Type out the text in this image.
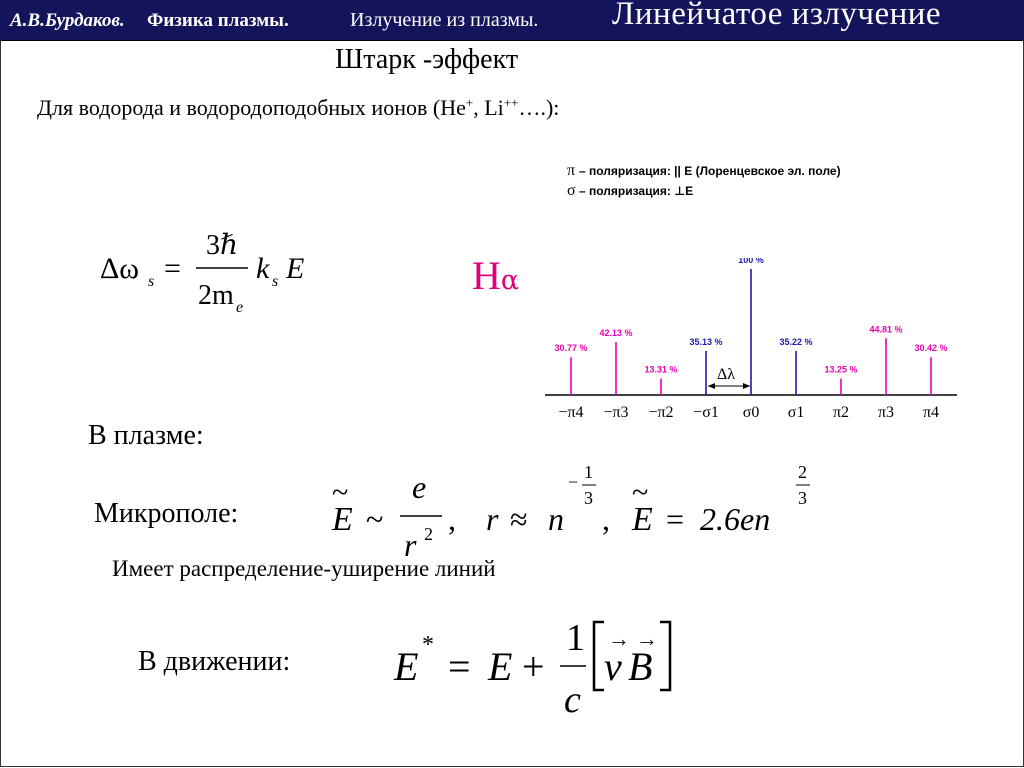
А.В.Бурдаков. Физика плазмы.	Излучение из плазмы. Линейчатое излучение
Штарк -эффект
Для водорода и водородоподобных ионов (He+, Li++….):
Δω s =
3ℏ
2m e
k s E	Hα
π – поляризация: || E (Лоренцевское эл. поле)
σ – поляризация: ⊥E
30.77 %
−π4
42.13 %
−π3
13.31 %
−π2
35.13 %
−σ1
100 %
σ0
35.22 %
σ1
13.25 %
π2
44.81 %
π3
30.42 %
π4
Δλ
В плазме:
Микрополе:	E
~
~
e
r 2 , r ≈ n
− 1
3
, E
~
= 2.6en
2
3
Имеет распределение-уширение линий
В движении:	E * = E +
1
c
v
→
B
→
